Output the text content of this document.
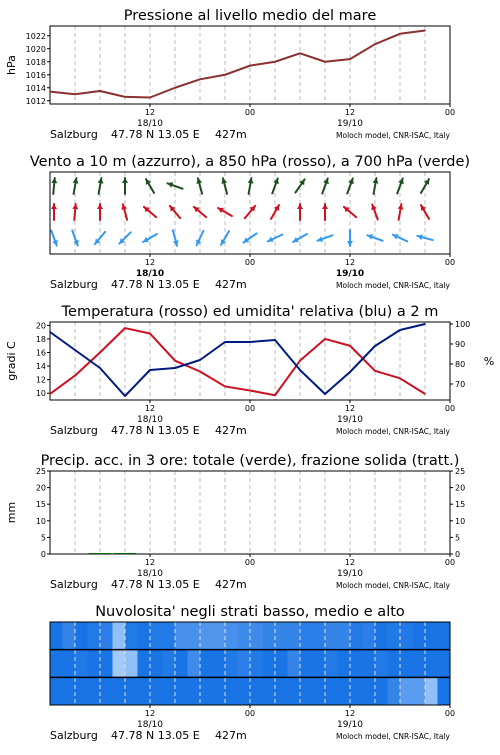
Pressione al livello medio del mare
12	00	12	00
18/10	19/10
Salzburg 47.78 N 13.05 E 427m	Moloch model, CNR-ISAC, Italy
1012
1014
1016
1018
1020
1022
hPa
Vento a 10 m (azzurro), a 850 hPa (rosso), a 700 hPa (verde)
12	00	12	00
18/10	19/10
Salzburg 47.78 N 13.05 E 427m	Moloch model, CNR-ISAC, Italy
Temperatura (rosso) ed umidita' relativa (blu) a 2 m
12	00	12	00
18/10	19/10
Salzburg 47.78 N 13.05 E 427m	Moloch model, CNR-ISAC, Italy
10
12
14
16
18
20
70
80
90
100
gradi C	%
Precip. acc. in 3 ore: totale (verde), frazione solida (tratt.)
12	00	12	00
18/10	19/10
Salzburg 47.78 N 13.05 E 427m	Moloch model, CNR-ISAC, Italy
0
5
10
15
20
25
0
5
10
15
20
25
mm
Nuvolosita' negli strati basso, medio e alto
12	00	12	00
18/10	19/10
Salzburg 47.78 N 13.05 E 427m	Moloch model, CNR-ISAC, Italy
